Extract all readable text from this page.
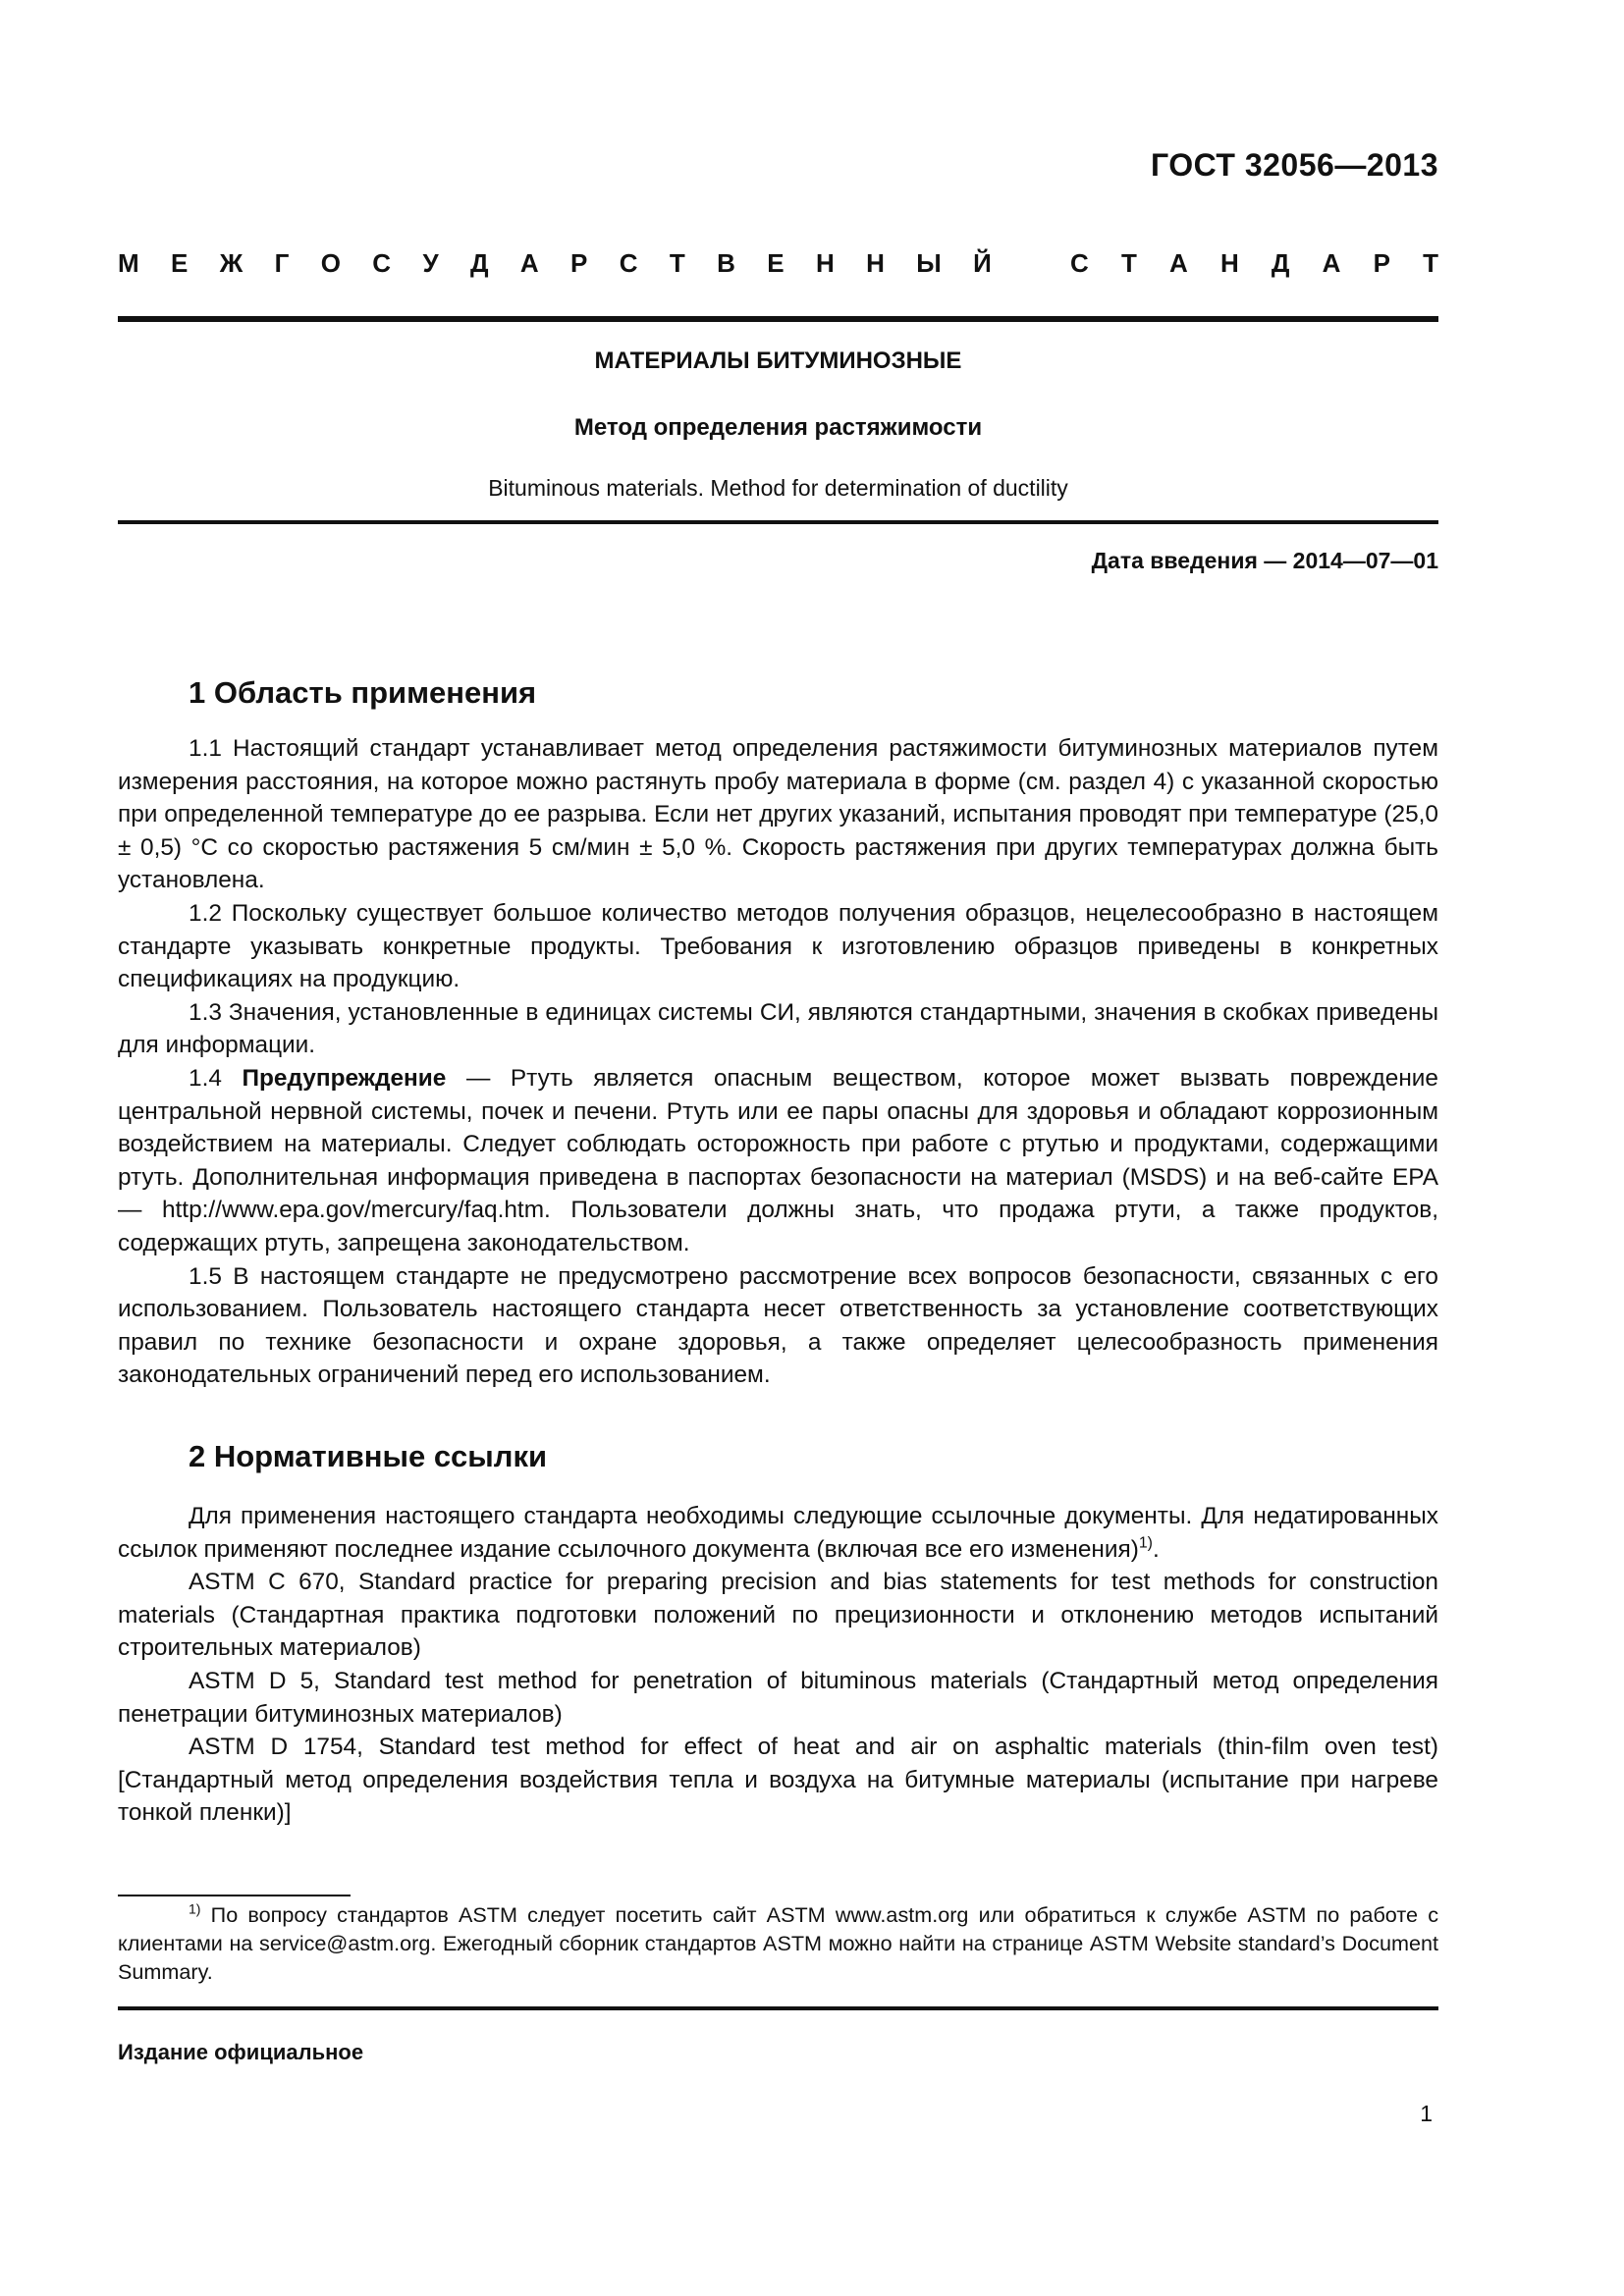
ГОСТ 32056—2013
М Е Ж Г О С У Д А Р С Т В Е Н Н Ы Й	С Т А Н Д А Р Т
МАТЕРИАЛЫ БИТУМИНОЗНЫЕ
Метод определения растяжимости
Bituminous materials. Method for determination of ductility
Дата введения — 2014—07—01
1 Область применения

1.1 Настоящий стандарт устанавливает метод определения растяжимости битуминозных материалов путем измерения расстояния, на которое можно растянуть пробу материала в форме (см. раздел 4) с указанной скоростью при определенной температуре до ее разрыва. Если нет других указаний, испытания проводят при температуре (25,0 ± 0,5) °C со скоростью растяжения 5 см/мин ± 5,0 %. Скорость растяжения при других температурах должна быть установлена.

1.2 Поскольку существует большое количество методов получения образцов, нецелесообразно в настоящем стандарте указывать конкретные продукты. Требования к изготовлению образцов приведены в конкретных спецификациях на продукцию.

1.3 Значения, установленные в единицах системы СИ, являются стандартными, значения в скобках приведены для информации.

1.4 Предупреждение — Ртуть является опасным веществом, которое может вызвать повреждение центральной нервной системы, почек и печени. Ртуть или ее пары опасны для здоровья и обладают коррозионным воздействием на материалы. Следует соблюдать осторожность при работе с ртутью и продуктами, содержащими ртуть. Дополнительная информация приведена в паспортах безопасности на материал (MSDS) и на веб-сайте EPA — http://www.epa.gov/mercury/faq.htm. Пользователи должны знать, что продажа ртути, а также продуктов, содержащих ртуть, запрещена законодательством.

1.5 В настоящем стандарте не предусмотрено рассмотрение всех вопросов безопасности, связанных с его использованием. Пользователь настоящего стандарта несет ответственность за установление соответствующих правил по технике безопасности и охране здоровья, а также определяет целесообразность применения законодательных ограничений перед его использованием.

2 Нормативные ссылки

Для применения настоящего стандарта необходимы следующие ссылочные документы. Для недатированных ссылок применяют последнее издание ссылочного документа (включая все его изменения)$^{1)}$.

ASTM C 670, Standard practice for preparing precision and bias statements for test methods for construction materials (Стандартная практика подготовки положений по прецизионности и отклонению методов испытаний строительных материалов)

ASTM D 5, Standard test method for penetration of bituminous materials (Стандартный метод определения пенетрации битуминозных материалов)

ASTM D 1754, Standard test method for effect of heat and air on asphaltic materials (thin-film oven test) [Стандартный метод определения воздействия тепла и воздуха на битумные материалы (испытание при нагреве тонкой пленки)]

$^{1)}$ По вопросу стандартов ASTM следует посетить сайт ASTM www.astm.org или обратиться к службе ASTM по работе с клиентами на service@astm.org. Ежегодный сборник стандартов ASTM можно найти на странице ASTM Website standard’s Document Summary.
Издание официальное
1
